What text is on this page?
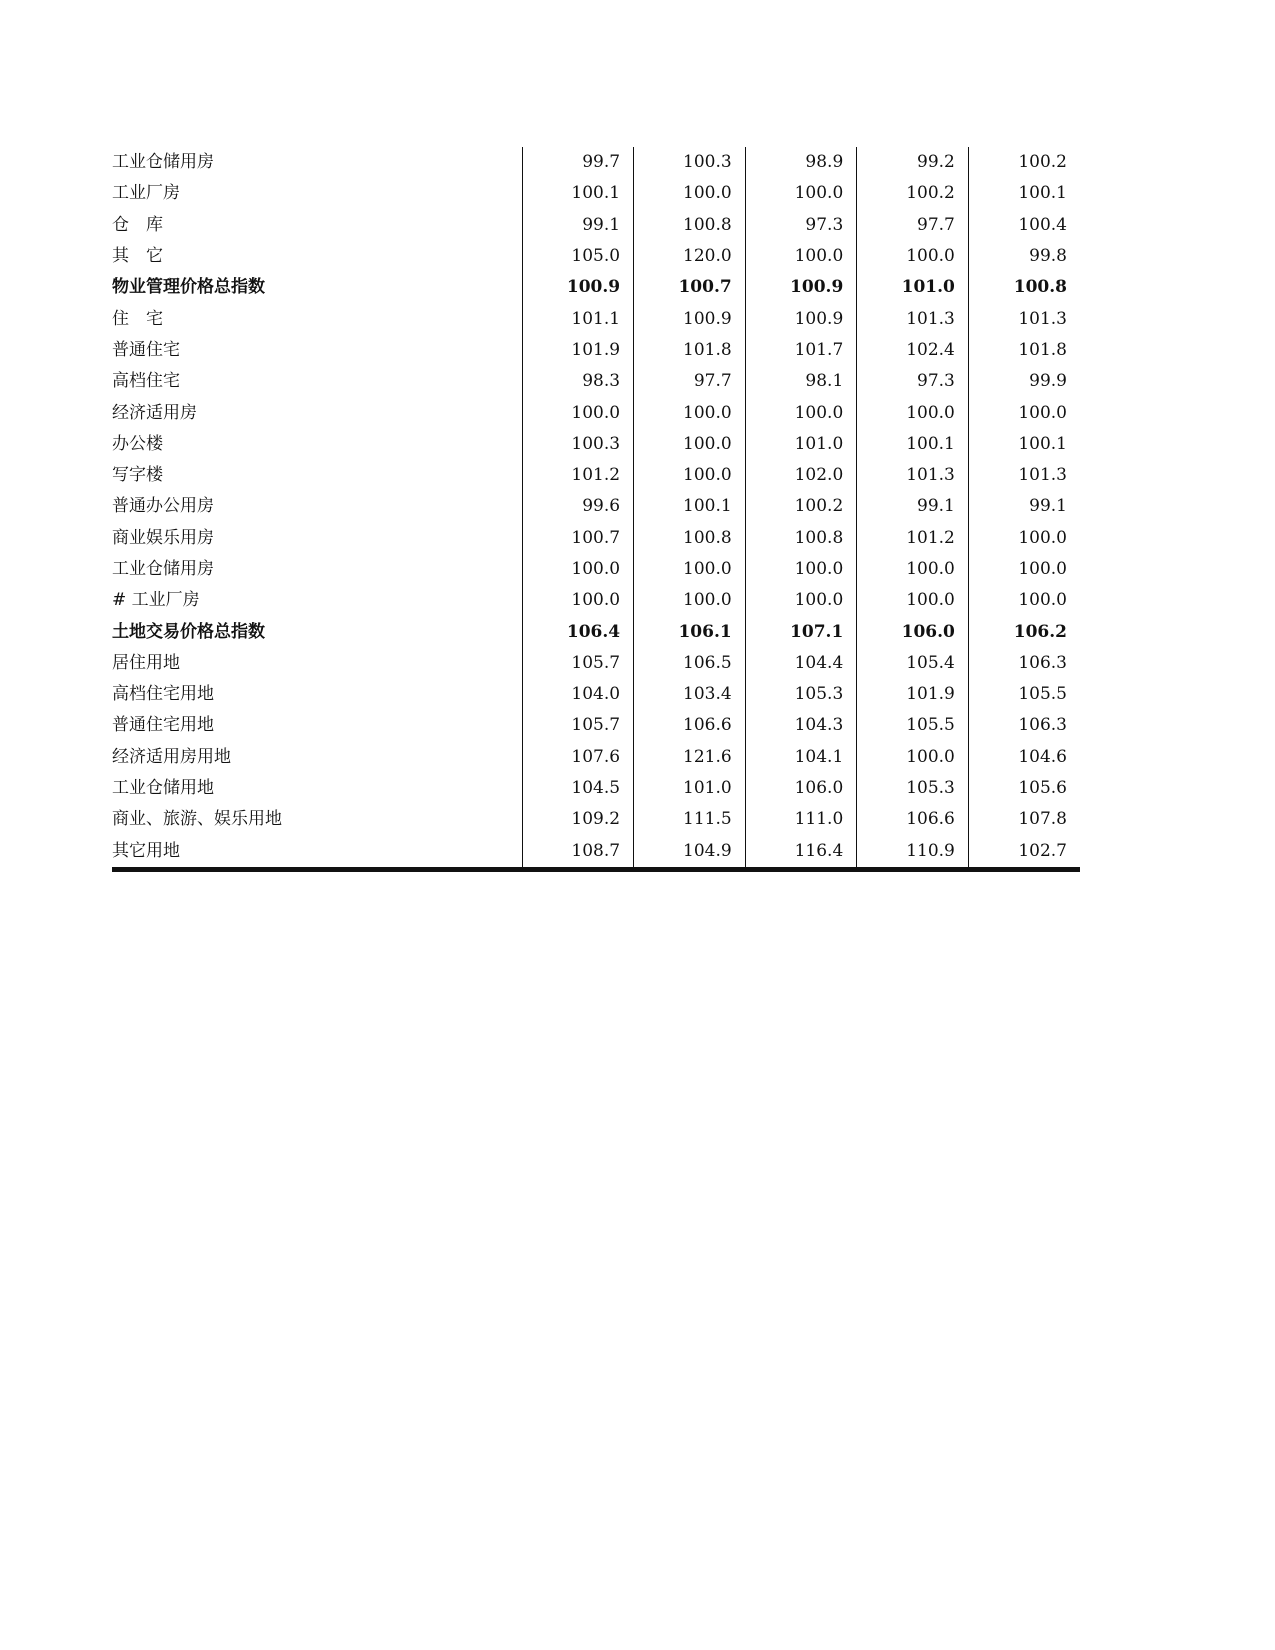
工业仓储用房	99.7	100.3	98.9	99.2	100.2
工业厂房	100.1	100.0	100.0	100.2	100.1
仓　库	99.1	100.8	97.3	97.7	100.4
其　它	105.0	120.0	100.0	100.0	99.8
物业管理价格总指数	100.9	100.7	100.9	101.0	100.8
住　宅	101.1	100.9	100.9	101.3	101.3
普通住宅	101.9	101.8	101.7	102.4	101.8
高档住宅	98.3	97.7	98.1	97.3	99.9
经济适用房	100.0	100.0	100.0	100.0	100.0
办公楼	100.3	100.0	101.0	100.1	100.1
写字楼	101.2	100.0	102.0	101.3	101.3
普通办公用房	99.6	100.1	100.2	99.1	99.1
商业娱乐用房	100.7	100.8	100.8	101.2	100.0
工业仓储用房	100.0	100.0	100.0	100.0	100.0
# 工业厂房	100.0	100.0	100.0	100.0	100.0
土地交易价格总指数	106.4	106.1	107.1	106.0	106.2
居住用地	105.7	106.5	104.4	105.4	106.3
高档住宅用地	104.0	103.4	105.3	101.9	105.5
普通住宅用地	105.7	106.6	104.3	105.5	106.3
经济适用房用地	107.6	121.6	104.1	100.0	104.6
工业仓储用地	104.5	101.0	106.0	105.3	105.6
商业、旅游、娱乐用地	109.2	111.5	111.0	106.6	107.8
其它用地	108.7	104.9	116.4	110.9	102.7
